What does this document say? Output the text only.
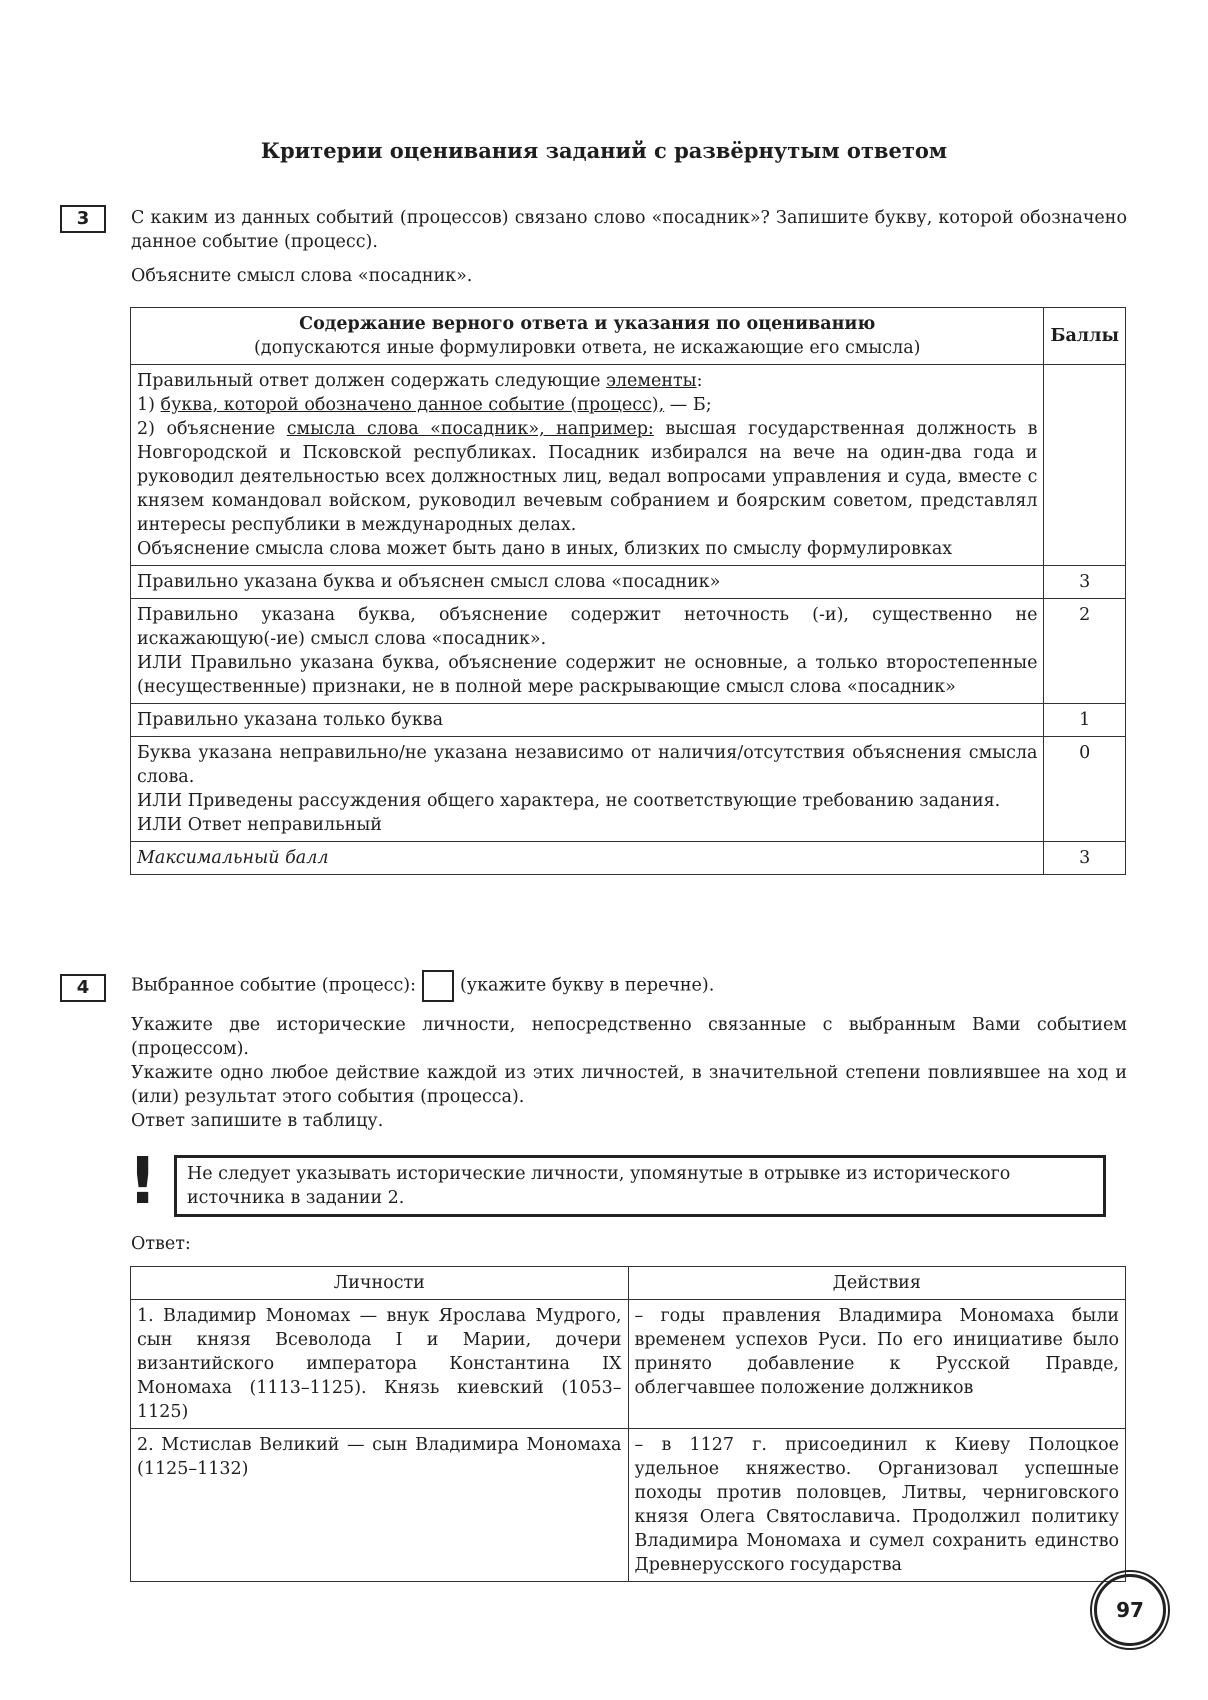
Критерии оценивания заданий с развёрнутым ответом
3	С каким из данных событий (процессов) связано слово «посадник»? Запишите букву, которой обозначено данное событие (процесс).

Объясните смысл слова «посадник».

Содержание верного ответа и указания по оцениванию
(допускаются иные формулировки ответа, не искажающие его смысла)	Баллы

Правильный ответ должен содержать следующие элементы:
1) буква, которой обозначено данное событие (процесс), — Б;
2) объяснение смысла слова «посадник», например: высшая государственная должность в Новгородской и Псковской республиках. Посадник избирался на вече на один-два года и руководил деятельностью всех должностных лиц, ведал вопросами управления и суда, вместе с князем командовал войском, руководил вечевым собранием и боярским советом, представлял интересы республики в международных делах.
Объяснение смысла слова может быть дано в иных, близких по смыслу формулировках	

Правильно указана буква и объяснен смысл слова «посадник»	3

Правильно указана буква, объяснение содержит неточность (-и), существенно не искажающую(-ие) смысл слова «посадник».
ИЛИ Правильно указана буква, объяснение содержит не основные, а только второстепенные (несущественные) признаки, не в полной мере раскрывающие смысл слова «посадник»	2
Правильно указана только буква	1

Буква указана неправильно/не указана независимо от наличия/отсутствия объяснения смысла слова.
ИЛИ Приведены рассуждения общего характера, не соответствующие требованию задания.
ИЛИ Ответ неправильный	0
Максимальный балл	3
4	Выбранное событие (процесс):	(укажите букву в перечне).

Укажите две исторические личности, непосредственно связанные с выбранным Вами событием (процессом).

Укажите одно любое действие каждой из этих личностей, в значительной степени повлиявшее на ход и (или) результат этого события (процесса).

Ответ запишите в таблицу.

!	Не следует указывать исторические личности, упомянутые в отрывке из исторического источника в задании 2.
Ответ:
Личности	Действия
1. Владимир Мономах — внук Ярослава Мудрого, сын князя Всеволода I и Марии, дочери византийского императора Константина IX Мономаха (1113–1125). Князь киевский (1053–1125)	– годы правления Владимира Мономаха были временем успехов Руси. По его инициативе было принято добавление к Русской Правде, облегчавшее положение должников
2. Мстислав Великий — сын Владимира Мономаха (1125–1132)	– в 1127 г. присоединил к Киеву Полоцкое удельное княжество. Организовал успешные походы против половцев, Литвы, черниговского князя Олега Святославича. Продолжил политику Владимира Мономаха и сумел сохранить единство Древнерусского государства
97
